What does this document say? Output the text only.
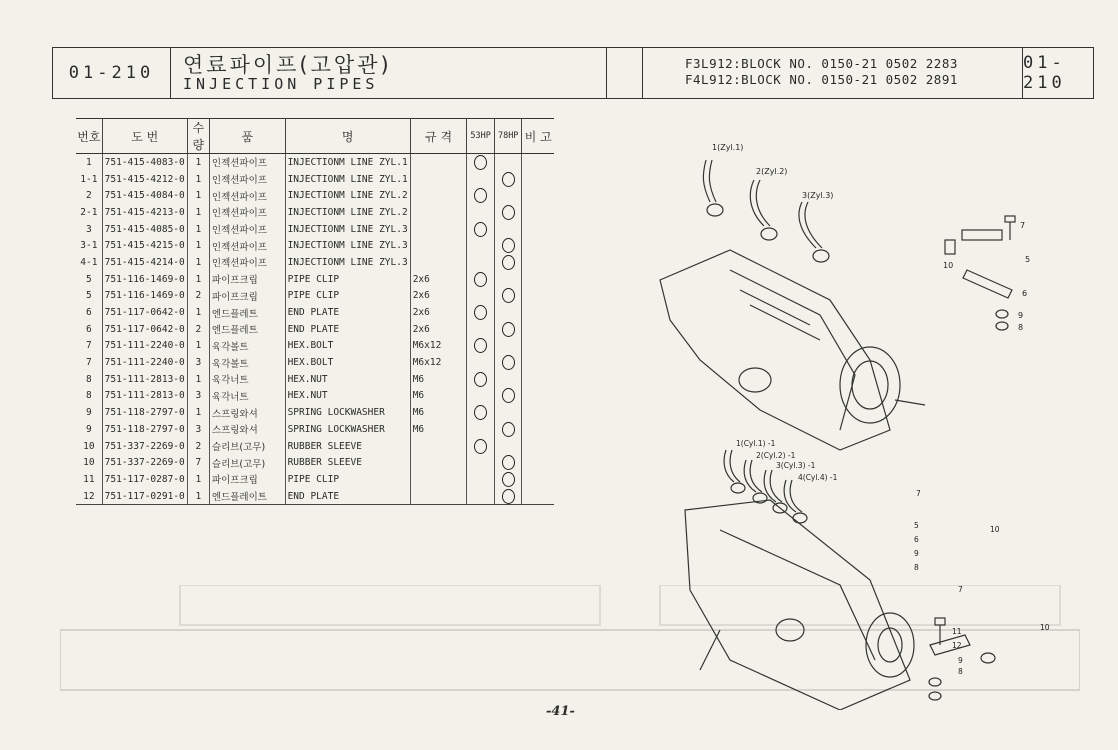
01-210	연료파이프(고압관)
INJECTION PIPES
F3L912:BLOCK NO. 0150-21 0502 2283
F4L912:BLOCK NO. 0150-21 0502 2891
01-210
번호	도 번	수량	품	명	규 격	53HP	78HP	비 고
1	751-415-4083-0	1	인젝션파이프	INJECTIONM LINE ZYL.1				
1-1	751-415-4212-0	1	인젝션파이프	INJECTIONM LINE ZYL.1				
2	751-415-4084-0	1	인젝션파이프	INJECTIONM LINE ZYL.2				
2-1	751-415-4213-0	1	인젝션파이프	INJECTIONM LINE ZYL.2				
3	751-415-4085-0	1	인젝션파이프	INJECTIONM LINE ZYL.3				
3-1	751-415-4215-0	1	인젝션파이프	INJECTIONM LINE ZYL.3				
4-1	751-415-4214-0	1	인젝션파이프	INJECTIONM LINE ZYL.3				
5	751-116-1469-0	1	파이프크립	PIPE CLIP	2x6			
5	751-116-1469-0	2	파이프크립	PIPE CLIP	2x6			
6	751-117-0642-0	1	엔드플레트	END PLATE	2x6			
6	751-117-0642-0	2	엔드플레트	END PLATE	2x6			
7	751-111-2240-0	1	육각볼트	HEX.BOLT	M6x12			
7	751-111-2240-0	3	육각볼트	HEX.BOLT	M6x12			
8	751-111-2813-0	1	육각너트	HEX.NUT	M6			
8	751-111-2813-0	3	육각너트	HEX.NUT	M6			
9	751-118-2797-0	1	스프링와셔	SPRING LOCKWASHER	M6			
9	751-118-2797-0	3	스프링와셔	SPRING LOCKWASHER	M6			
10	751-337-2269-0	2	슬리브(고무)	RUBBER SLEEVE				
10	751-337-2269-0	7	슬리브(고무)	RUBBER SLEEVE				
11	751-117-0287-0	1	파이프크립	PIPE CLIP				
12	751-117-0291-0	1	엔드플레이트	END PLATE				
1(Zyl.1)
2(Zyl.2)
3(Zyl.3)
7
10
5
6
9
8
1(Cyl.1) -1
2(Cyl.2) -1
3(Cyl.3) -1
4(Cyl.4) -1
7
5
6
10
9
8
7
11
12
10
9
8
-41-
